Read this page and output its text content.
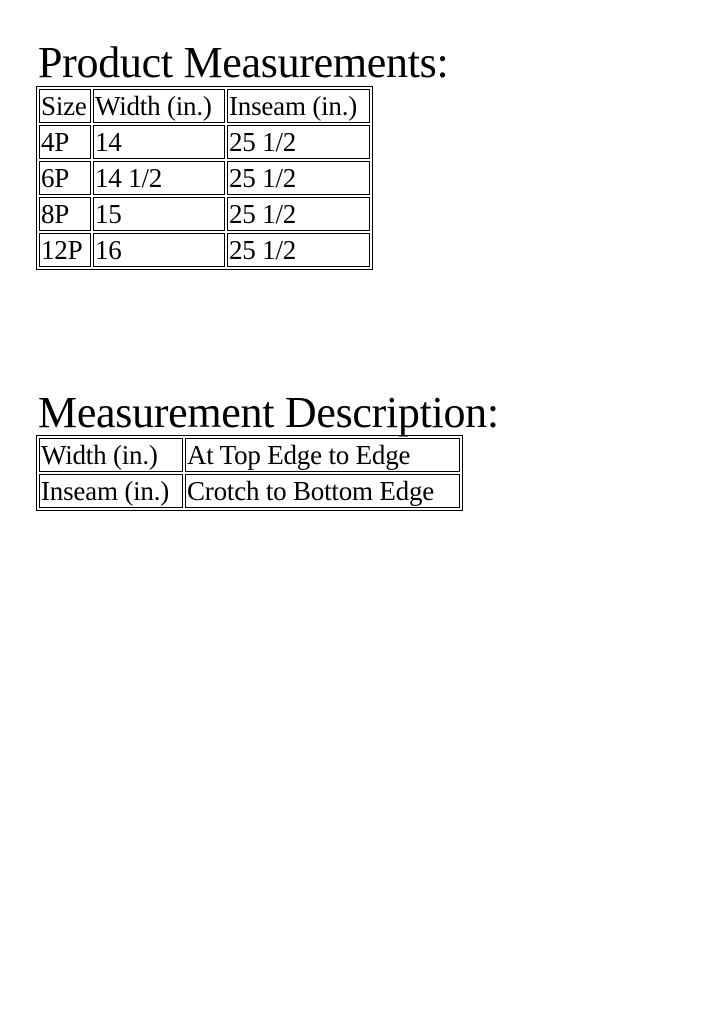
Product Measurements:
Size	Width (in.)	Inseam (in.)
4P	14	25 1/2
6P	14 1/2	25 1/2
8P	15	25 1/2
12P	16	25 1/2
Measurement Description:
Width (in.)	At Top Edge to Edge
Inseam (in.)	Crotch to Bottom Edge
